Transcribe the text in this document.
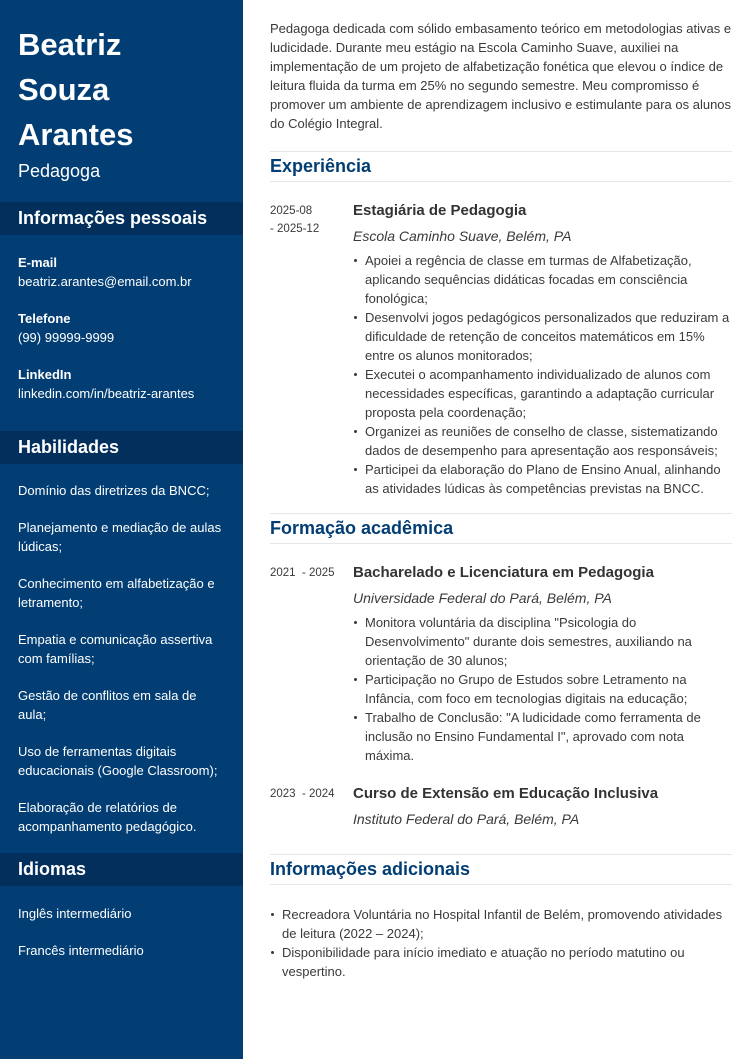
Beatriz
Souza
Arantes
Pedagoga
Informações pessoais
E-mail
beatriz.arantes@email.com.br
Telefone
(99) 99999-9999
LinkedIn
linkedin.com/in/beatriz-arantes
Habilidades
Domínio das diretrizes da BNCC;
Planejamento e mediação de aulas lúdicas;
Conhecimento em alfabetização e letramento;
Empatia e comunicação assertiva com famílias;
Gestão de conflitos em sala de aula;
Uso de ferramentas digitais educacionais (Google Classroom);
Elaboração de relatórios de acompanhamento pedagógico.
Idiomas
Inglês intermediário
Francês intermediário

Pedagoga dedicada com sólido embasamento teórico em metodologias ativas e ludicidade. Durante meu estágio na Escola Caminho Suave, auxiliei na implementação de um projeto de alfabetização fonética que elevou o índice de leitura fluida da turma em 25% no segundo semestre. Meu compromisso é promover um ambiente de aprendizagem inclusivo e estimulante para os alunos do Colégio Integral.

Experiência
2025-08
- 2025-12
Estagiária de Pedagogia
Escola Caminho Suave, Belém, PA
Apoiei a regência de classe em turmas de Alfabetização, aplicando sequências didáticas focadas em consciência fonológica;
Desenvolvi jogos pedagógicos personalizados que reduziram a dificuldade de retenção de conceitos matemáticos em 15% entre os alunos monitorados;
Executei o acompanhamento individualizado de alunos com necessidades específicas, garantindo a adaptação curricular proposta pela coordenação;
Organizei as reuniões de conselho de classe, sistematizando dados de desempenho para apresentação aos responsáveis;
Participei da elaboração do Plano de Ensino Anual, alinhando as atividades lúdicas às competências previstas na BNCC.
Formação acadêmica
2021  - 2025	Bacharelado e Licenciatura em Pedagogia
Universidade Federal do Pará, Belém, PA
Monitora voluntária da disciplina "Psicologia do Desenvolvimento" durante dois semestres, auxiliando na orientação de 30 alunos;
Participação no Grupo de Estudos sobre Letramento na Infância, com foco em tecnologias digitais na educação;
Trabalho de Conclusão: "A ludicidade como ferramenta de inclusão no Ensino Fundamental I", aprovado com nota máxima.
2023  - 2024	Curso de Extensão em Educação Inclusiva
Instituto Federal do Pará, Belém, PA
Informações adicionais
Recreadora Voluntária no Hospital Infantil de Belém, promovendo atividades de leitura (2022 – 2024);
Disponibilidade para início imediato e atuação no período matutino ou vespertino.
